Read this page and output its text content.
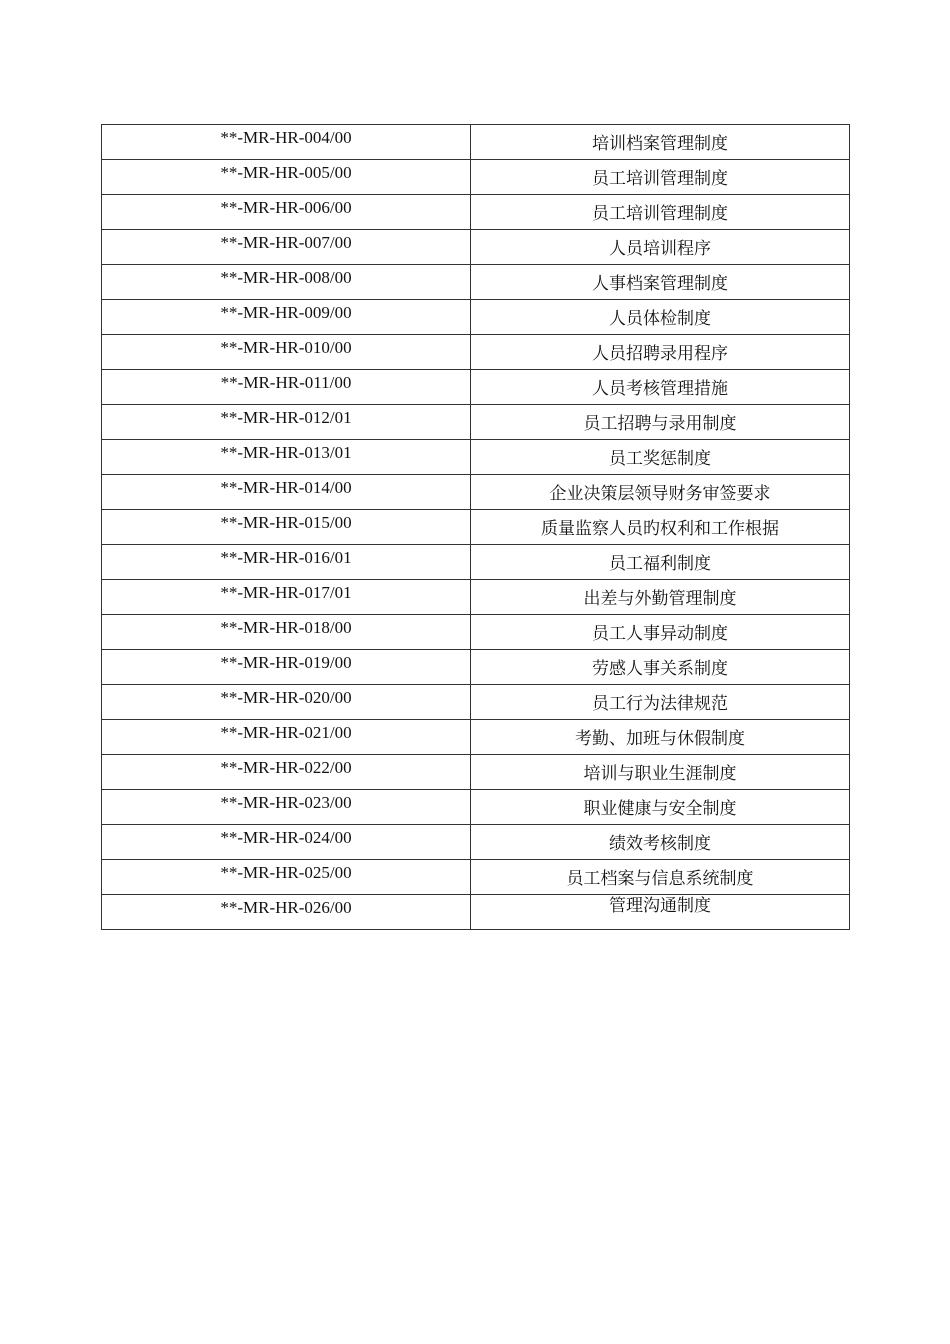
**-MR-HR-004/00	培训档案管理制度
**-MR-HR-005/00	员工培训管理制度
**-MR-HR-006/00	员工培训管理制度
**-MR-HR-007/00	人员培训程序
**-MR-HR-008/00	人事档案管理制度
**-MR-HR-009/00	人员体检制度
**-MR-HR-010/00	人员招聘录用程序
**-MR-HR-011/00	人员考核管理措施
**-MR-HR-012/01	员工招聘与录用制度
**-MR-HR-013/01	员工奖惩制度
**-MR-HR-014/00	企业决策层领导财务审签要求
**-MR-HR-015/00	质量监察人员旳权利和工作根据
**-MR-HR-016/01	员工福利制度
**-MR-HR-017/01	出差与外勤管理制度
**-MR-HR-018/00	员工人事异动制度
**-MR-HR-019/00	劳感人事关系制度
**-MR-HR-020/00	员工行为法律规范
**-MR-HR-021/00	考勤、加班与休假制度
**-MR-HR-022/00	培训与职业生涯制度
**-MR-HR-023/00	职业健康与安全制度
**-MR-HR-024/00	绩效考核制度
**-MR-HR-025/00	员工档案与信息系统制度
**-MR-HR-026/00	管理沟通制度
